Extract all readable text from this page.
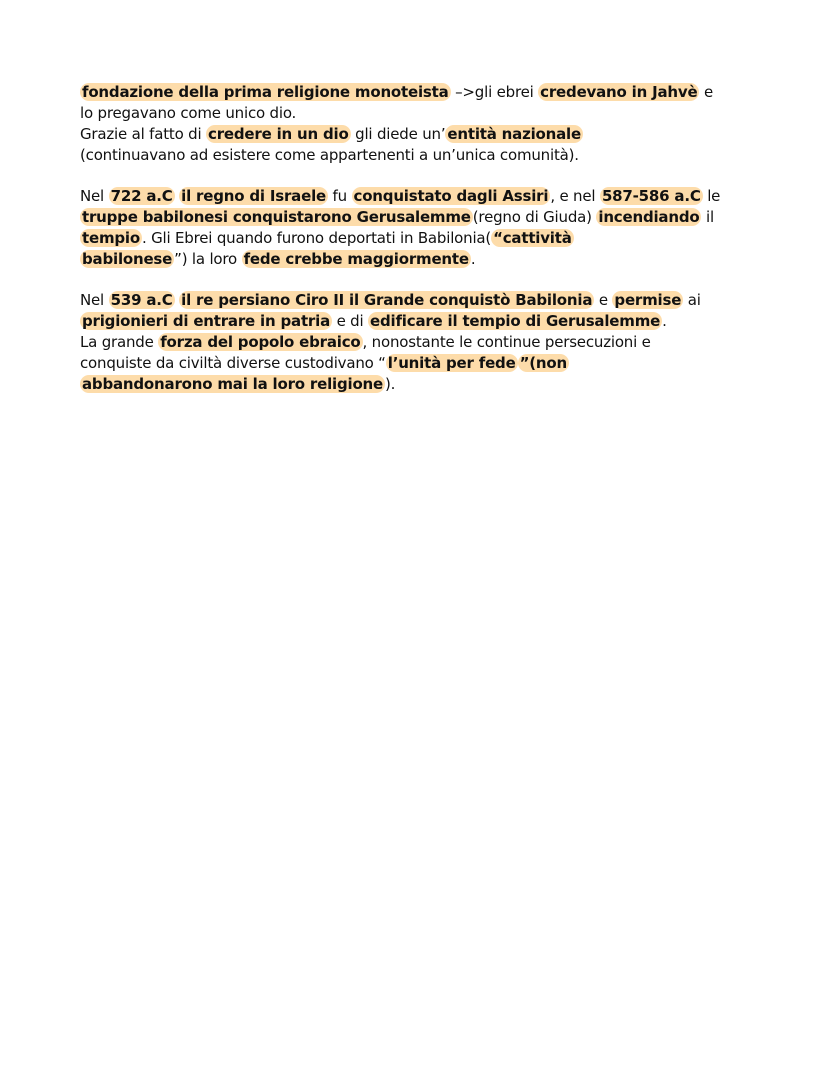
fondazione della prima religione monoteista –>gli ebrei credevano in Jahvè e
lo pregavano come unico dio.
Grazie al fatto di credere in un dio gli diede un’ entità nazionale
(continuavano ad esistere come appartenenti a un’unica comunità).
Nel 722 a.C il regno di Israele fu conquistato dagli Assiri , e nel 587-586 a.C le
truppe babilonesi conquistarono Gerusalemme (regno di Giuda) incendiando il
tempio . Gli Ebrei quando furono deportati in Babilonia( “cattività
babilonese ”) la loro fede crebbe maggiormente .
Nel 539 a.C il re persiano Ciro II il Grande conquistò Babilonia e permise ai
prigionieri di entrare in patria e di edificare il tempio di Gerusalemme .
La grande forza del popolo ebraico , nonostante le continue persecuzioni e
conquiste da civiltà diverse custodivano “ l’unità per fede ”(non
abbandonarono mai la loro religione ).
